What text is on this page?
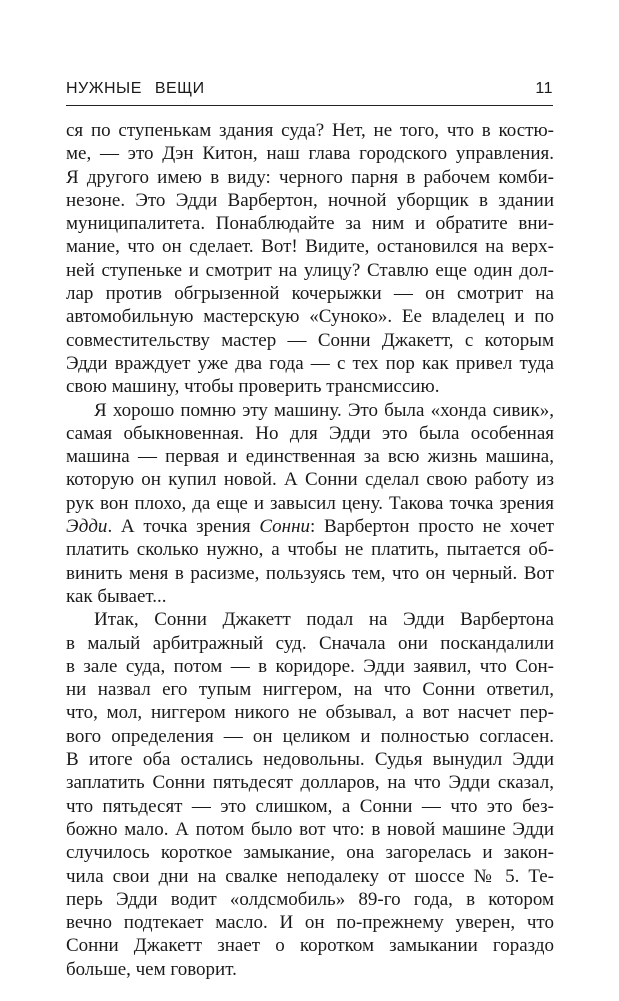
НУЖНЫЕ ВЕЩИ	11
ся по ступенькам здания суда? Нет, не того, что в костю-
ме, — это Дэн Китон, наш глава городского управления.
Я другого имею в виду: черного парня в рабочем комби-
незоне. Это Эдди Варбертон, ночной уборщик в здании
муниципалитета. Понаблюдайте за ним и обратите вни-
мание, что он сделает. Вот! Видите, остановился на верх-
ней ступеньке и смотрит на улицу? Ставлю еще один дол-
лар против обгрызенной кочерыжки — он смотрит на
автомобильную мастерскую «Суноко». Ее владелец и по
совместительству мастер — Сонни Джакетт, с которым
Эдди враждует уже два года — с тех пор как привел туда
свою машину, чтобы проверить трансмиссию.
Я хорошо помню эту машину. Это была «хонда сивик»,
самая обыкновенная. Но для Эдди это была особенная
машина — первая и единственная за всю жизнь машина,
которую он купил новой. А Сонни сделал свою работу из
рук вон плохо, да еще и завысил цену. Такова точка зрения
Эдди. А точка зрения Сонни: Варбертон просто не хочет
платить сколько нужно, а чтобы не платить, пытается об-
винить меня в расизме, пользуясь тем, что он черный. Вот
как бывает...
Итак, Сонни Джакетт подал на Эдди Варбертона
в малый арбитражный суд. Сначала они поскандалили
в зале суда, потом — в коридоре. Эдди заявил, что Сон-
ни назвал его тупым ниггером, на что Сонни ответил,
что, мол, ниггером никого не обзывал, а вот насчет пер-
вого определения — он целиком и полностью согласен.
В итоге оба остались недовольны. Судья вынудил Эдди
заплатить Сонни пятьдесят долларов, на что Эдди сказал,
что пятьдесят — это слишком, а Сонни — что это без-
божно мало. А потом было вот что: в новой машине Эдди
случилось короткое замыкание, она загорелась и закон-
чила свои дни на свалке неподалеку от шоссе № 5. Те-
перь Эдди водит «олдсмобиль» 89-го года, в котором
вечно подтекает масло. И он по-прежнему уверен, что
Сонни Джакетт знает о коротком замыкании гораздо
больше, чем говорит.
